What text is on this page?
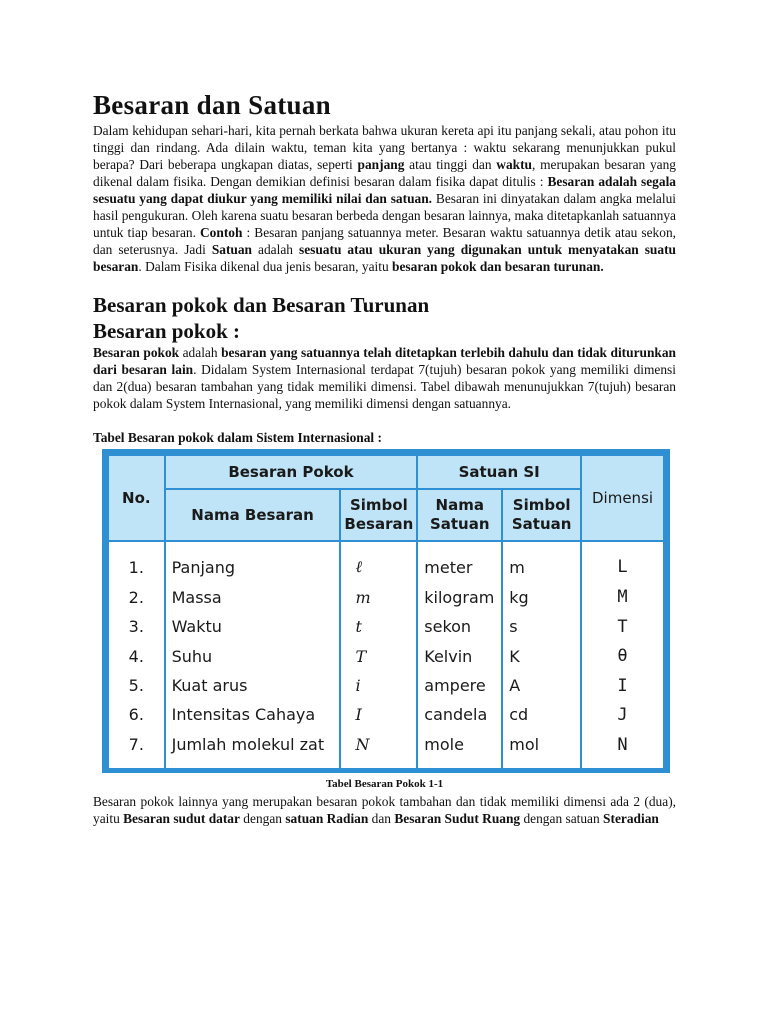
Besaran dan Satuan

Dalam kehidupan sehari-hari, kita pernah berkata bahwa ukuran kereta api itu panjang sekali, atau pohon itu tinggi dan rindang. Ada dilain waktu, teman kita yang bertanya : waktu sekarang menunjukkan pukul berapa? Dari beberapa ungkapan diatas, seperti panjang atau tinggi dan waktu, merupakan besaran yang dikenal dalam fisika. Dengan demikian definisi besaran dalam fisika dapat ditulis : Besaran adalah segala sesuatu yang dapat diukur yang memiliki nilai dan satuan. Besaran ini dinyatakan dalam angka melalui hasil pengukuran. Oleh karena suatu besaran berbeda dengan besaran lainnya, maka ditetapkanlah satuannya untuk tiap besaran. Contoh : Besaran panjang satuannya meter. Besaran waktu satuannya detik atau sekon, dan seterusnya. Jadi Satuan adalah sesuatu atau ukuran yang digunakan untuk menyatakan suatu besaran. Dalam Fisika dikenal dua jenis besaran, yaitu besaran pokok dan besaran turunan.

Besaran pokok dan Besaran Turunan
Besaran pokok :

Besaran pokok adalah besaran yang satuannya telah ditetapkan terlebih dahulu dan tidak diturunkan dari besaran lain. Didalam System Internasional terdapat 7(tujuh) besaran pokok yang memiliki dimensi dan 2(dua) besaran tambahan yang tidak memiliki dimensi. Tabel dibawah menunujukkan 7(tujuh) besaran pokok dalam System Internasional, yang memiliki dimensi dengan satuannya.

Tabel Besaran pokok dalam Sistem Internasional :
No.	Besaran Pokok		Satuan SI		Dimensi
	Nama Besaran	Simbol Besaran	Nama Satuan	Simbol Satuan	
1.	Panjang	ℓ	meter	m	L
2.	Massa	m	kilogram	kg	M
3.	Waktu	t	sekon	s	T
4.	Suhu	T	Kelvin	K	θ
5.	Kuat arus	i	ampere	A	I
6.	Intensitas Cahaya	I	candela	cd	J
7.	Jumlah molekul zat	N	mole	mol	N
Tabel Besaran Pokok 1-1

Besaran pokok lainnya yang merupakan besaran pokok tambahan dan tidak memiliki dimensi ada 2 (dua), yaitu Besaran sudut datar dengan satuan Radian dan Besaran Sudut Ruang dengan satuan Steradian
